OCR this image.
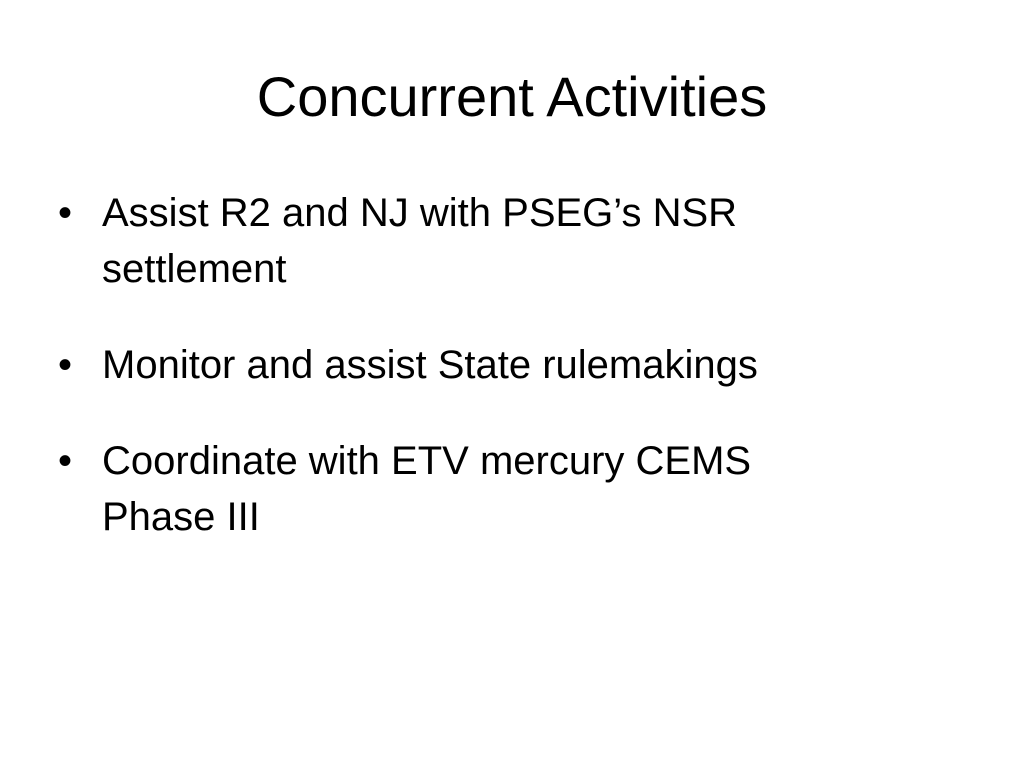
Concurrent Activities
• Assist R2 and NJ with PSEG’s NSR settlement
• Monitor and assist State rulemakings
• Coordinate with ETV mercury CEMS Phase III
